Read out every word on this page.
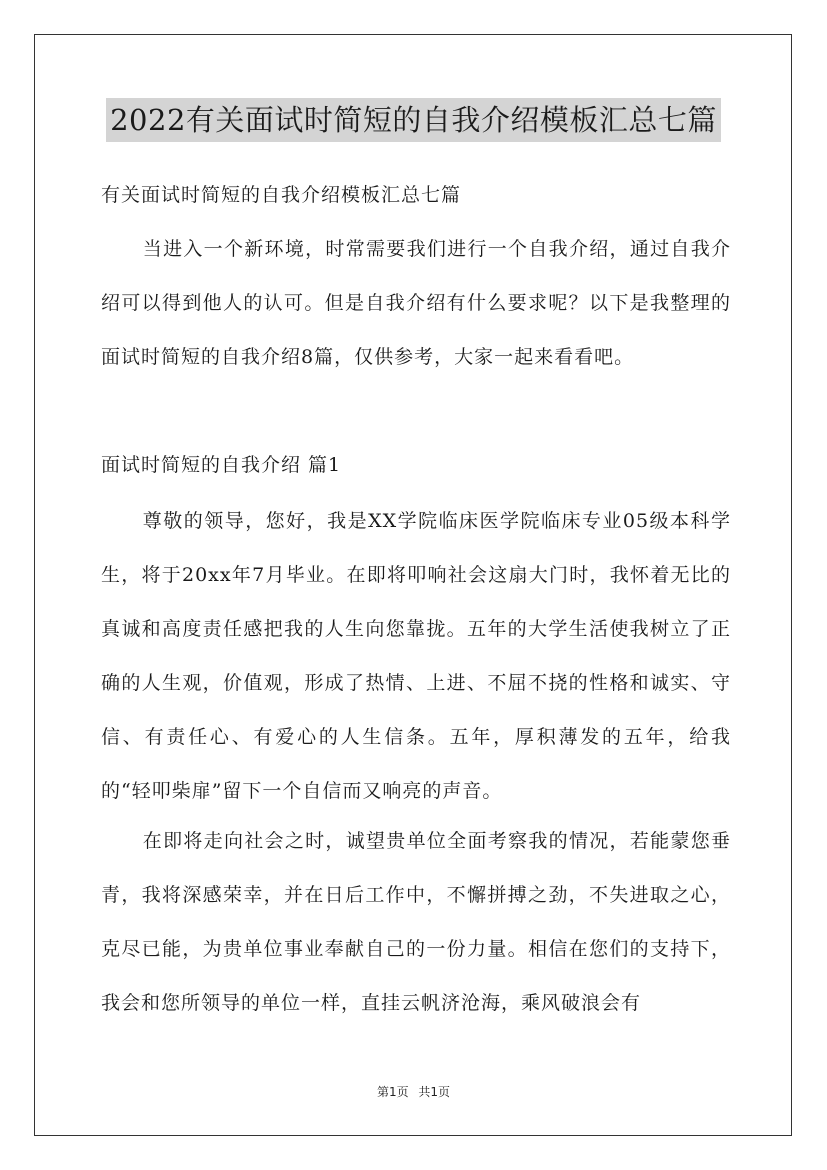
2022有关面试时简短的自我介绍模板汇总七篇
有关面试时简短的自我介绍模板汇总七篇
当进入一个新环境，时常需要我们进行一个自我介绍，通过自我介绍可以得到他人的认可。但是自我介绍有什么要求呢？以下是我整理的面试时简短的自我介绍8篇，仅供参考，大家一起来看看吧。
面试时简短的自我介绍 篇1
尊敬的领导，您好，我是XX学院临床医学院临床专业05级本科学生，将于20xx年7月毕业。在即将叩响社会这扇大门时，我怀着无比的真诚和高度责任感把我的人生向您靠拢。五年的大学生活使我树立了正确的人生观，价值观，形成了热情、上进、不屈不挠的性格和诚实、守信、有责任心、有爱心的人生信条。五年，厚积薄发的五年，给我的“轻叩柴扉”留下一个自信而又响亮的声音。
在即将走向社会之时，诚望贵单位全面考察我的情况，若能蒙您垂青，我将深感荣幸，并在日后工作中，不懈拼搏之劲，不失进取之心，克尽已能，为贵单位事业奉献自己的一份力量。相信在您们的支持下，我会和您所领导的单位一样，直挂云帆济沧海，乘风破浪会有
第1页 共1页
